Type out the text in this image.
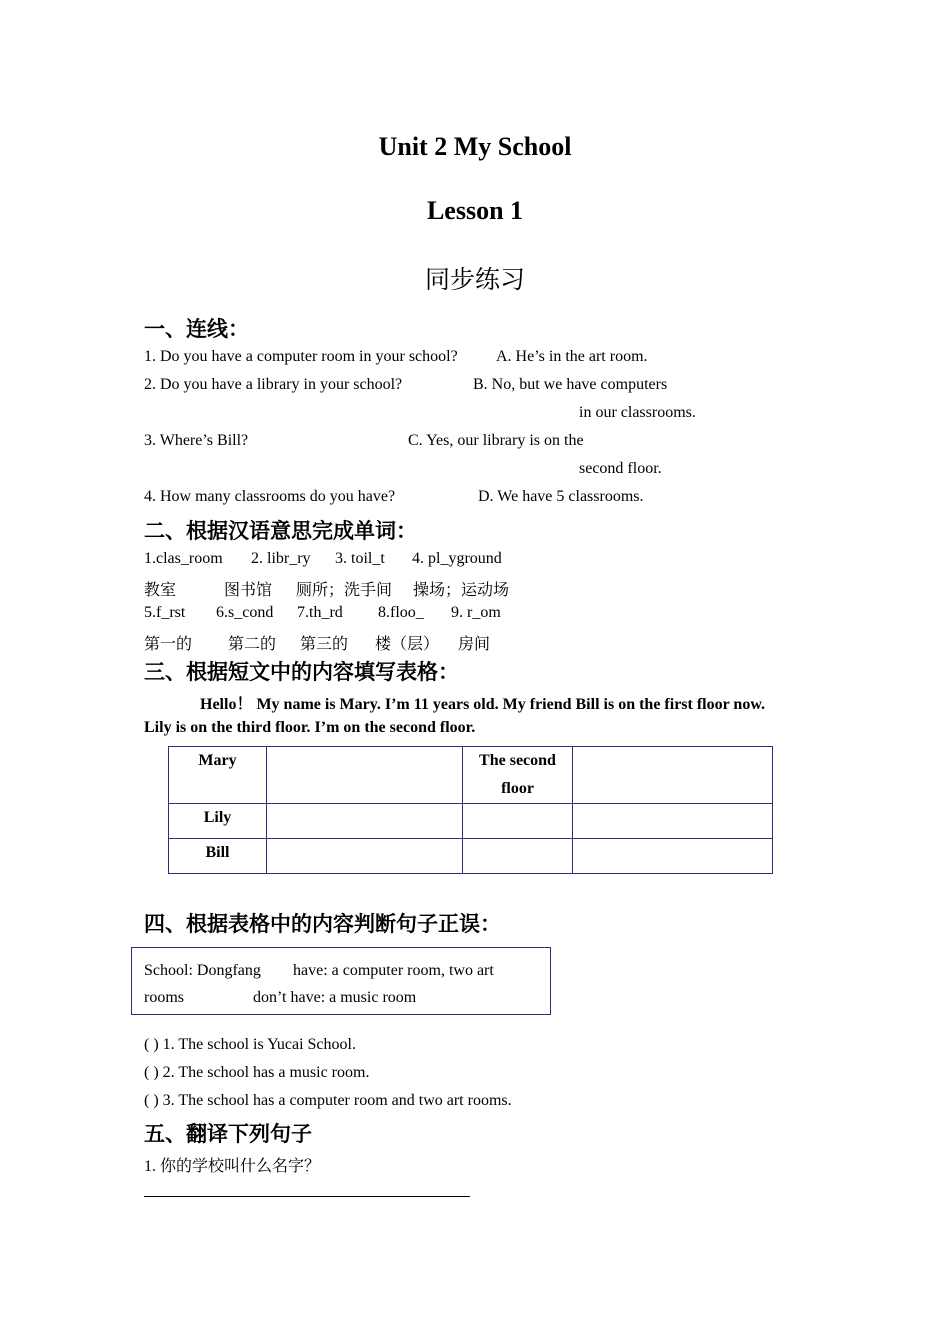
Unit 2 My School
Lesson 1
同步练习
一、连线：
1. Do you have a computer room in your school? A. He’s in the art room.
2. Do you have a library in your school?	B. No, but we have computers
in our classrooms.
3. Where’s Bill?	C. Yes, our library is on the
second floor.
4. How many classrooms do you have?	D. We have 5 classrooms.
二、根据汉语意思完成单词：
1.clas_room 2. libr_ry 3. toil_t 4. pl_yground
教室	图书馆 厕所；洗手间 操场；运动场
5.f_rst 6.s_cond 7.th_rd 8.floo_ 9. r_om
第一的 第二的 第三的 楼（层） 房间
三、根据短文中的内容填写表格：
Hello！ My name is Mary. I’m 11 years old. My friend Bill is on the first floor now.
Lily is on the third floor. I’m on the second floor.
Mary		The second
floor	

Lily			
Bill			
四、根据表格中的内容判断句子正误：
School: Dongfang have: a computer room, two art
rooms	don’t have: a music room
( ) 1. The school is Yucai School.
( ) 2. The school has a music room.
( ) 3. The school has a computer room and two art rooms.
五、翻译下列句子
1. 你的学校叫什么名字？
